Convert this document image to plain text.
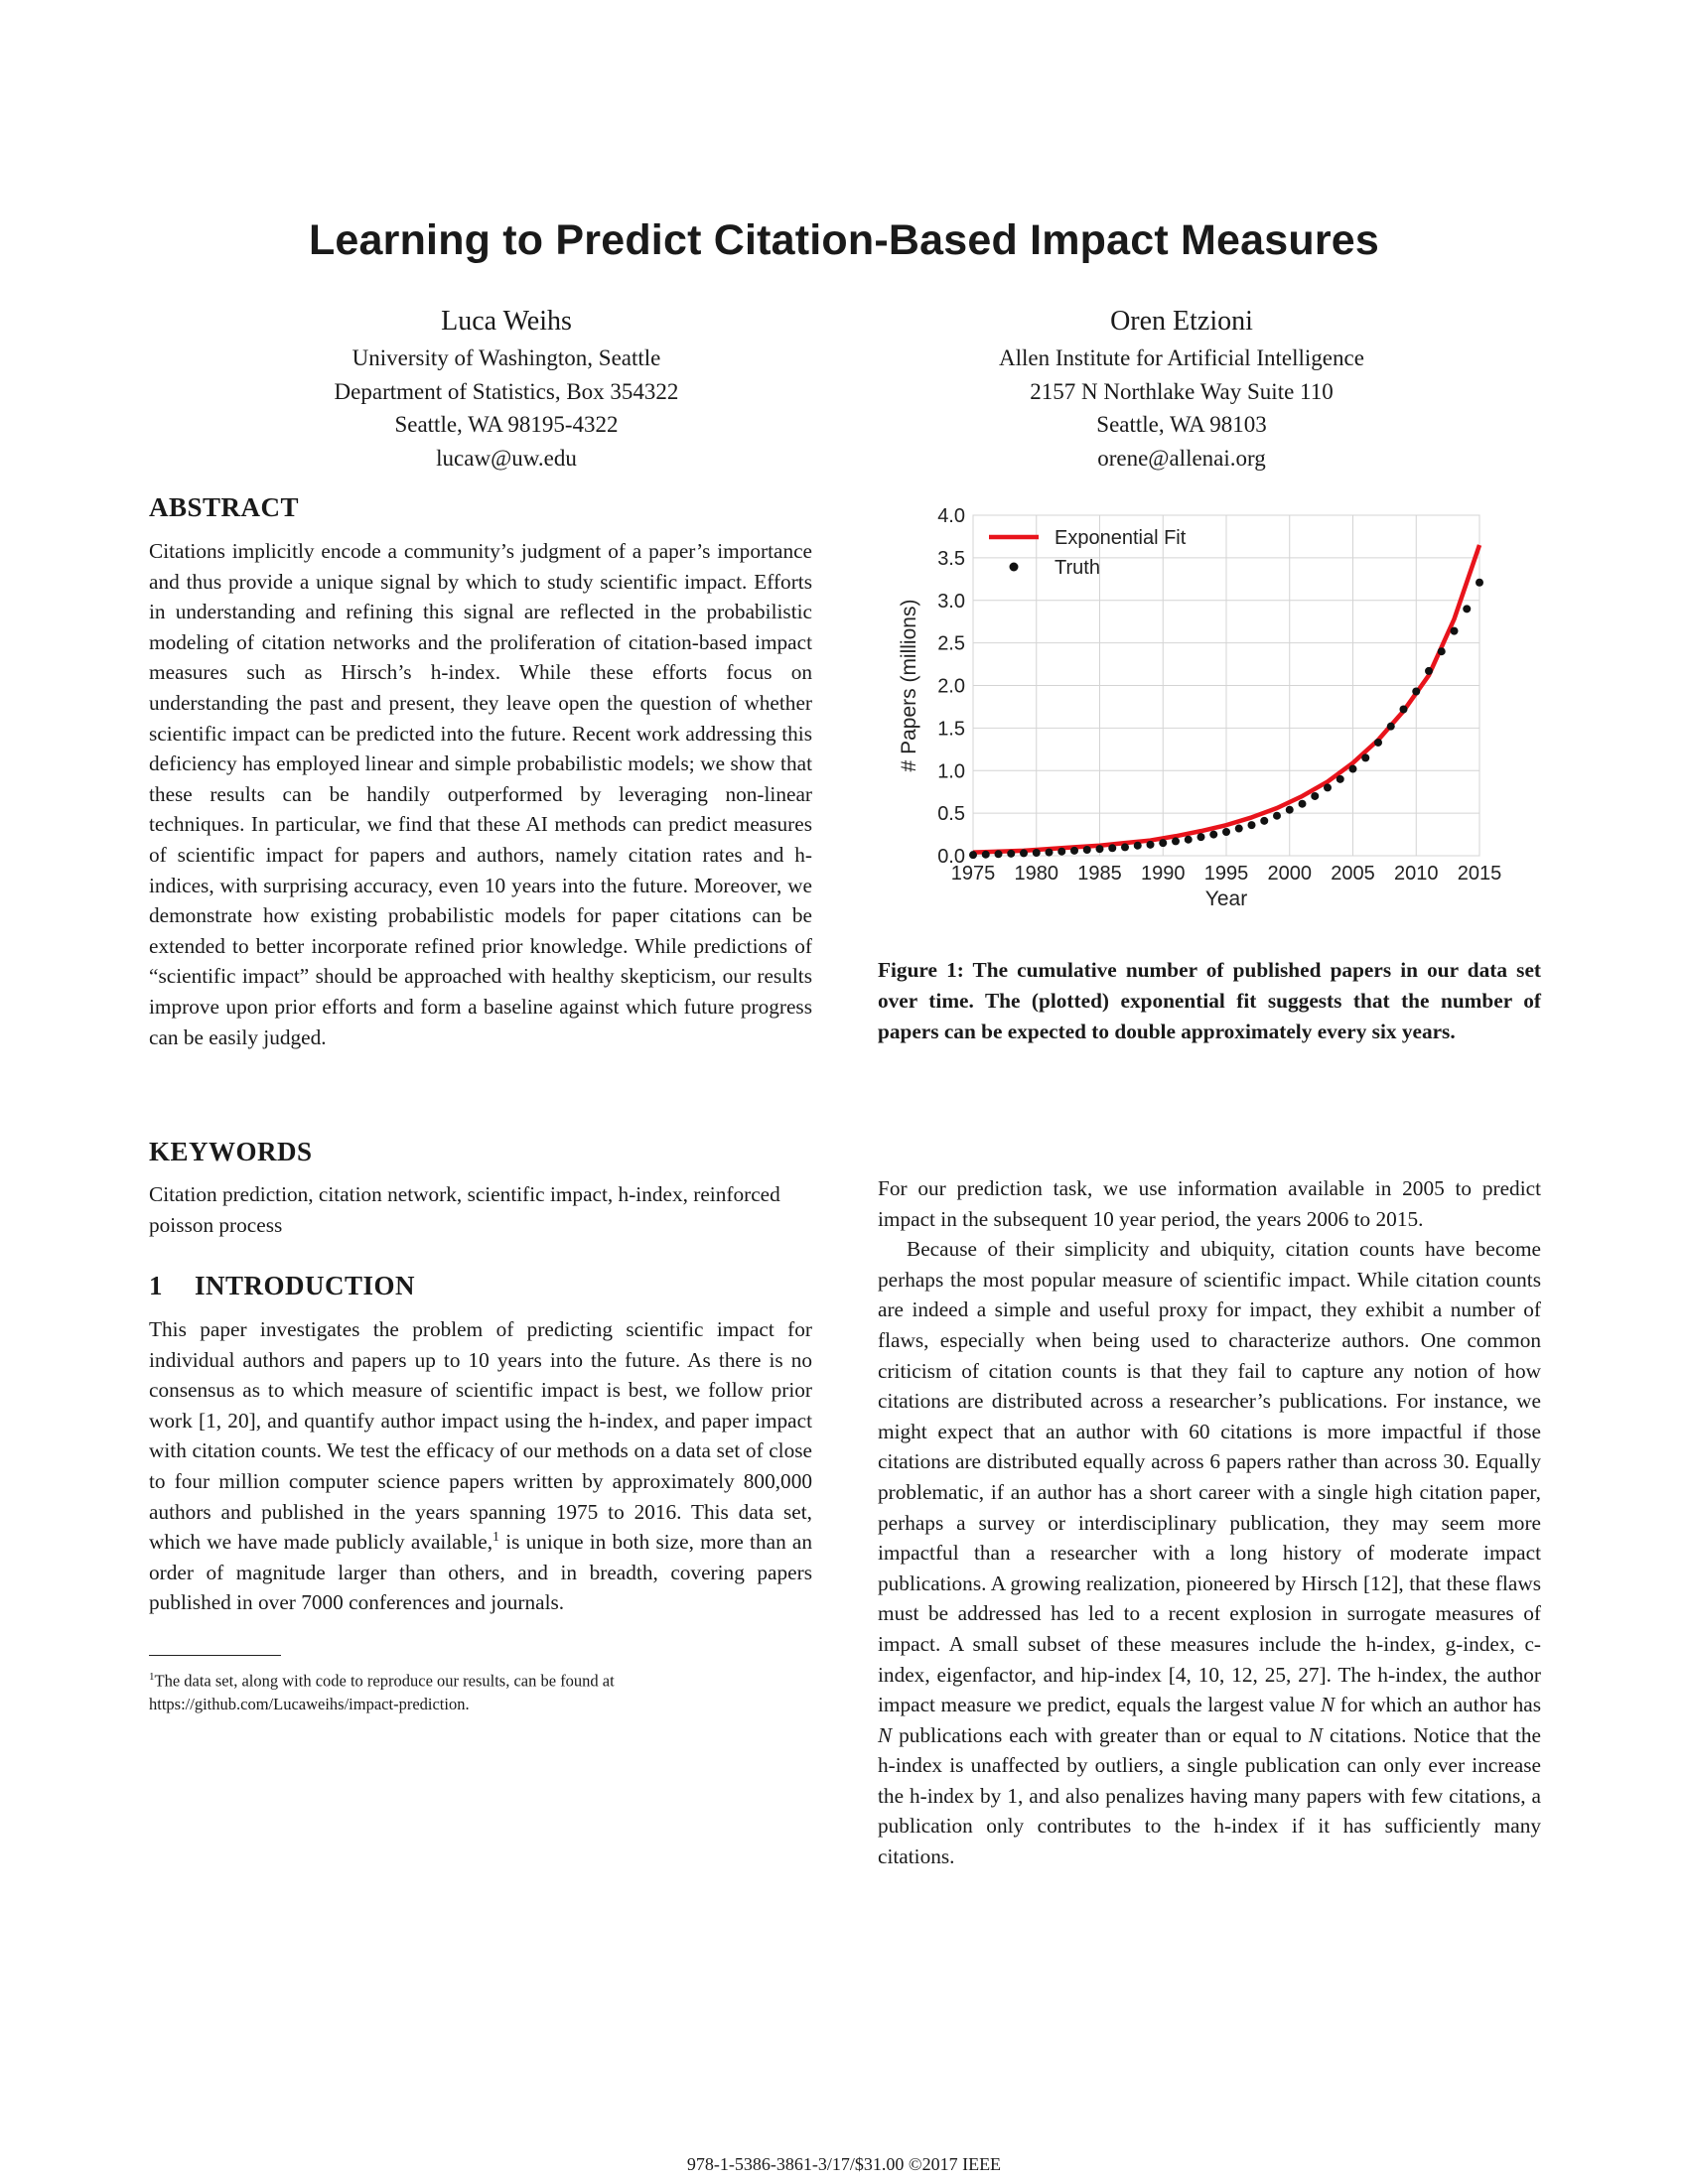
Learning to Predict Citation-Based Impact Measures
Luca Weihs
University of Washington, Seattle
Department of Statistics, Box 354322
Seattle, WA 98195-4322
lucaw@uw.edu
Oren Etzioni
Allen Institute for Artificial Intelligence
2157 N Northlake Way Suite 110
Seattle, WA 98103
orene@allenai.org
ABSTRACT

Citations implicitly encode a community’s judgment of a paper’s importance and thus provide a unique signal by which to study scientific impact. Efforts in understanding and refining this signal are reflected in the probabilistic modeling of citation networks and the proliferation of citation-based impact measures such as Hirsch’s h-index. While these efforts focus on understanding the past and present, they leave open the question of whether scientific impact can be predicted into the future. Recent work addressing this deficiency has employed linear and simple probabilistic models; we show that these results can be handily outperformed by leveraging non-linear techniques. In particular, we find that these AI methods can predict measures of scientific impact for papers and authors, namely citation rates and h-indices, with surprising accuracy, even 10 years into the future. Moreover, we demonstrate how existing probabilistic models for paper citations can be extended to better incorporate refined prior knowledge. While predictions of “scientific impact” should be approached with healthy skepticism, our results improve upon prior efforts and form a baseline against which future progress can be easily judged.

KEYWORDS

Citation prediction, citation network, scientific impact, h-index, reinforced poisson process

1 INTRODUCTION

This paper investigates the problem of predicting scientific impact for individual authors and papers up to 10 years into the future. As there is no consensus as to which measure of scientific impact is best, we follow prior work [1, 20], and quantify author impact using the h-index, and paper impact with citation counts. We test the efficacy of our methods on a data set of close to four million computer science papers written by approximately 800,000 authors and published in the years spanning 1975 to 2016. This data set, which we have made publicly available,$^1$ is unique in both size, more than an order of magnitude larger than others, and in breadth, covering papers published in over 7000 conferences and journals.

$^1$The data set, along with code to reproduce our results, can be found at https://github.com/Lucaweihs/impact-prediction.
1975 1980 1985 1990 1995 2000 2005 2010 2015
0.0
0.5
1.0
1.5
2.0
2.5
3.0
3.5
4.0
Year
# Papers (millions)
Exponential Fit
Truth
Figure 1: The cumulative number of published papers in our data set over time. The (plotted) exponential fit suggests that the number of papers can be expected to double approximately every six years.

For our prediction task, we use information available in 2005 to predict impact in the subsequent 10 year period, the years 2006 to 2015.

Because of their simplicity and ubiquity, citation counts have become perhaps the most popular measure of scientific impact. While citation counts are indeed a simple and useful proxy for impact, they exhibit a number of flaws, especially when being used to characterize authors. One common criticism of citation counts is that they fail to capture any notion of how citations are distributed across a researcher’s publications. For instance, we might expect that an author with 60 citations is more impactful if those citations are distributed equally across 6 papers rather than across 30. Equally problematic, if an author has a short career with a single high citation paper, perhaps a survey or interdisciplinary publication, they may seem more impactful than a researcher with a long history of moderate impact publications. A growing realization, pioneered by Hirsch [12], that these flaws must be addressed has led to a recent explosion in surrogate measures of impact. A small subset of these measures include the h-index, g-index, c-index, eigenfactor, and hip-index [4, 10, 12, 25, 27]. The h-index, the author impact measure we predict, equals the largest value N for which an author has N publications each with greater than or equal to N citations. Notice that the h-index is unaffected by outliers, a single publication can only ever increase the h-index by 1, and also penalizes having many papers with few citations, a publication only contributes to the h-index if it has sufficiently many citations.

978-1-5386-3861-3/17/$31.00 ©2017 IEEE
